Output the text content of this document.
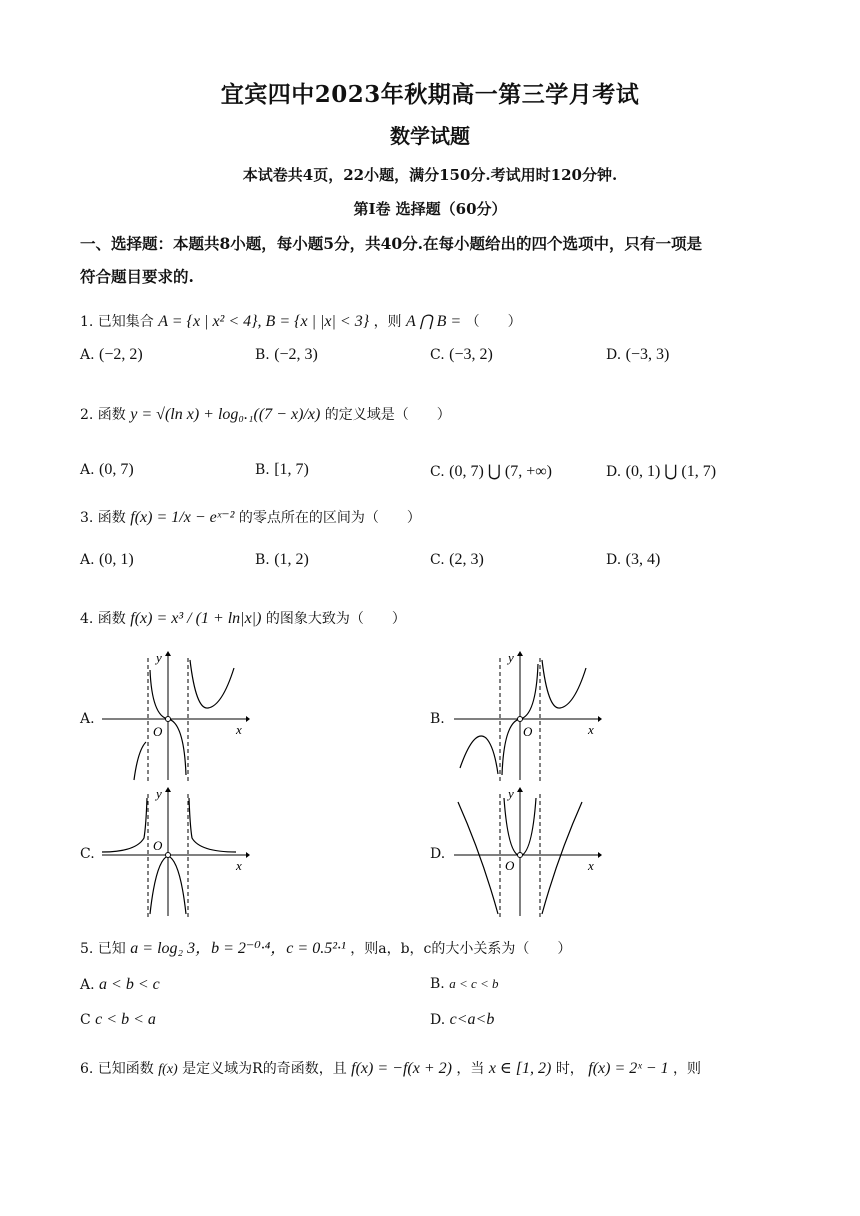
宜宾四中2023年秋期高一第三学月考试
数学试题
本试卷共4页，22小题，满分150分.考试用时120分钟.
第I卷 选择题（60分）
一、选择题：本题共8小题，每小题5分，共40分.在每小题给出的四个选项中，只有一项是
符合题目要求的.
1. 已知集合 A = {x | x² < 4}, B = {x | |x| < 3} ，则 A ⋂ B = （　　）
A. (−2, 2)	B. (−2, 3)	C. (−3, 2)	D. (−3, 3)
2. 函数 y = √(ln x) + log₀.₁((7 − x)/x) 的定义域是（　　）
A. (0, 7)	B. [1, 7)	C. (0, 7) ⋃ (7, +∞)	D. (0, 1) ⋃ (1, 7)
3. 函数 f(x) = 1/x − eˣ⁻² 的零点所在的区间为（　　）
A. (0, 1)	B. (1, 2)	C. (2, 3)	D. (3, 4)
4. 函数 f(x) = x³ / (1 + ln|x|) 的图象大致为（　　）
A.	B.
C.	D.
O	x
y
O	x
y
O
x
y
O	x
y
5. 已知 a = log₂ 3，b = 2⁻⁰·⁴，c = 0.5²·¹ ，则a，b，c的大小关系为（　　）
A. a < b < c	B. a < c < b
C c < b < a	D. c<a<b
6. 已知函数 f(x) 是定义域为R的奇函数，且 f(x) = −f(x + 2) ，当 x ∈ [1, 2) 时， f(x) = 2ˣ − 1 ，则
